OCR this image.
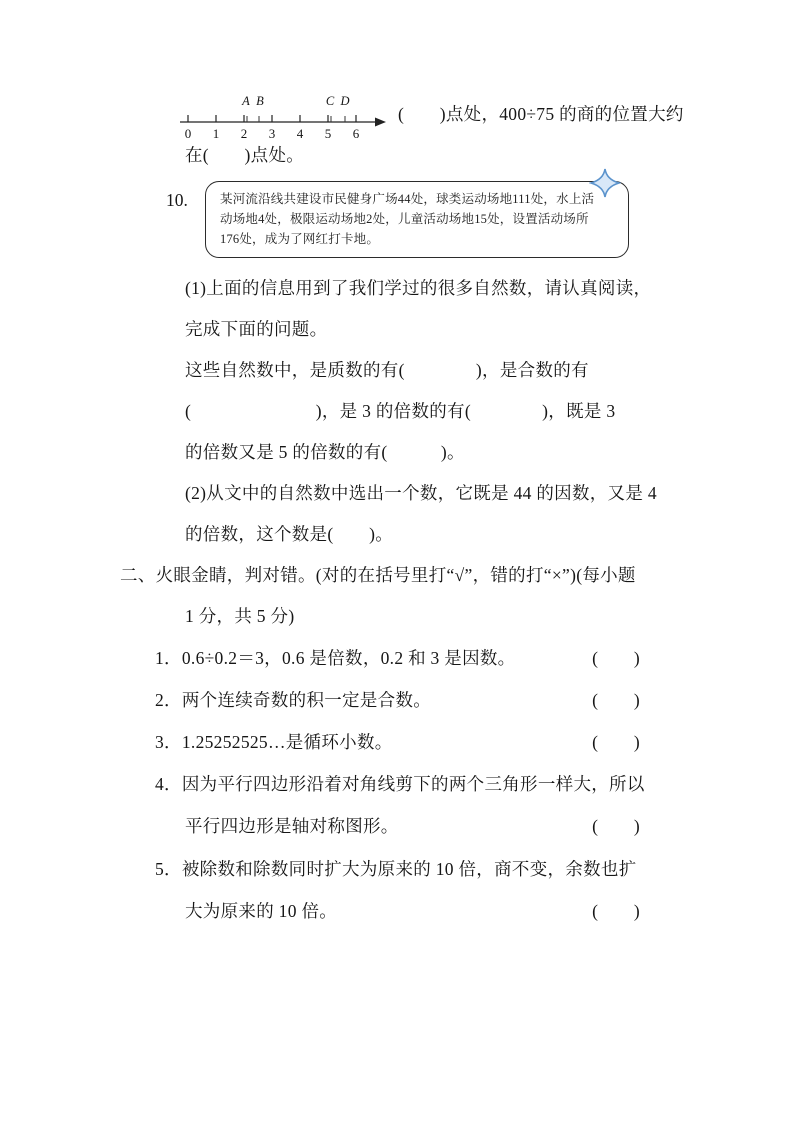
0 1 2 3 4 5 6
A B	C D
(　　)点处，400÷75 的商的位置大约
在(　　)点处。
10.	某河流沿线共建设市民健身广场44处，球类运动场地111处，水上活
动场地4处，极限运动场地2处，儿童活动场地15处，设置活动场所
176处，成为了网红打卡地。
(1)上面的信息用到了我们学过的很多自然数，请认真阅读，
完成下面的问题。
这些自然数中，是质数的有(　　　　)，是合数的有
(　　　　　　　)，是 3 的倍数的有(　　　　)，既是 3
的倍数又是 5 的倍数的有(　　　)。
(2)从文中的自然数中选出一个数，它既是 44 的因数，又是 4
的倍数，这个数是(　　)。
二、火眼金睛，判对错。(对的在括号里打“√”，错的打“×”)(每小题
1 分，共 5 分)
1．0.6÷0.2＝3，0.6 是倍数，0.2 和 3 是因数。	(　　)
2．两个连续奇数的积一定是合数。	(　　)
3．1.25252525…是循环小数。	(　　)
4．因为平行四边形沿着对角线剪下的两个三角形一样大，所以
平行四边形是轴对称图形。	(　　)
5．被除数和除数同时扩大为原来的 10 倍，商不变，余数也扩
大为原来的 10 倍。	(　　)
